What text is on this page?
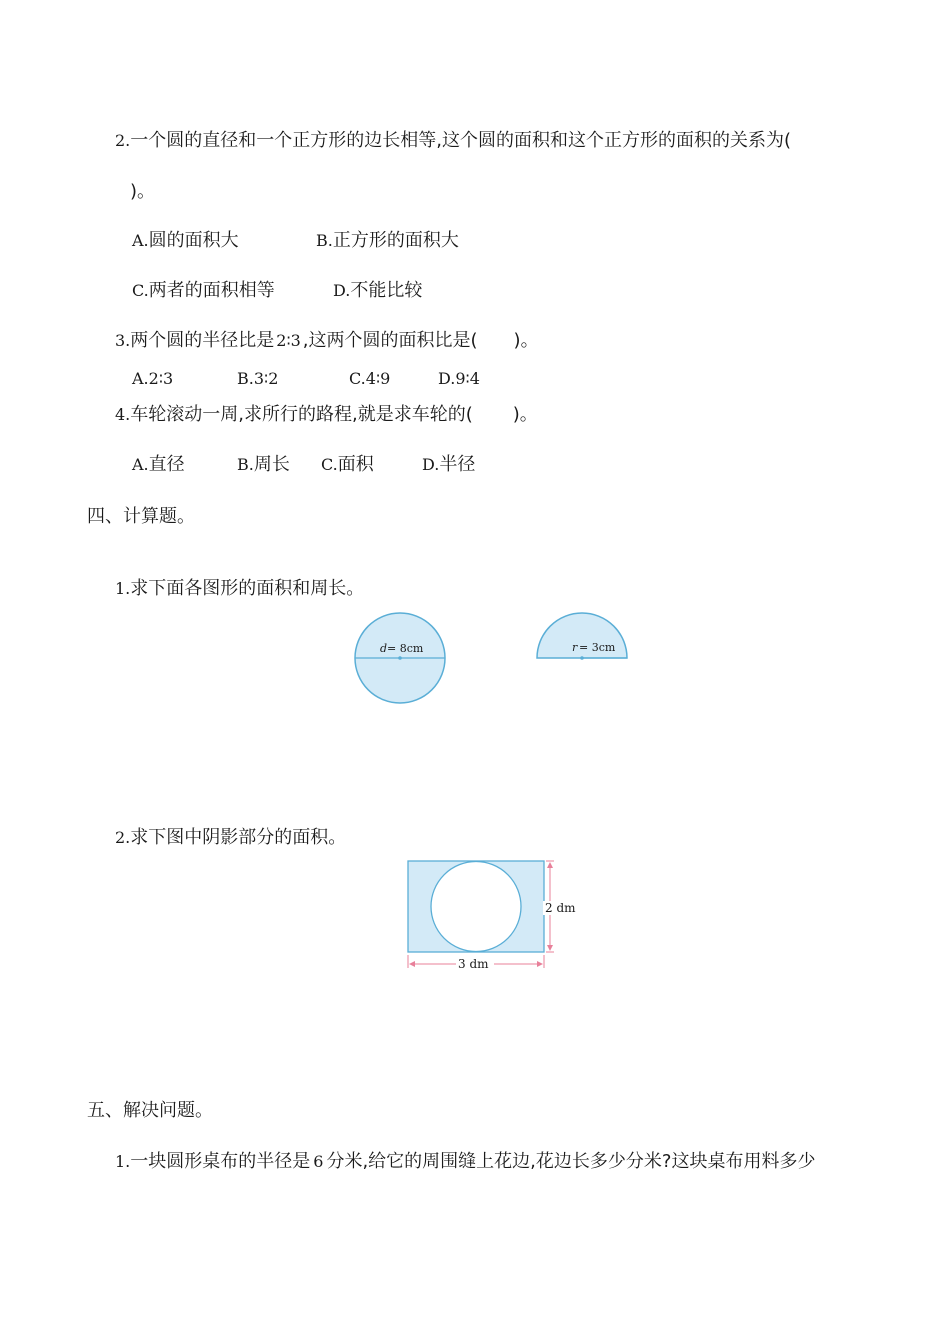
2.一个圆的直径和一个正方形的边长相等,这个圆的面积和这个正方形的面积的关系为(
)。
A.圆的面积大	B.正方形的面积大
C.两者的面积相等	D.不能比较
3.两个圆的半径比是 2∶3 ,这两个圆的面积比是( )。
A.2∶3	B.3∶2	C.4∶9	D.9∶4
4.车轮滚动一周,求所行的路程,就是求车轮的( )。
A.直径	B.周长 C.面积	D.半径
四、计算题。
1.求下面各图形的面积和周长。
d = 8cm	r = 3cm
2.求下图中阴影部分的面积。
2 dm
3 dm
五、解决问题。
1.一块圆形桌布的半径是 6 分米,给它的周围缝上花边,花边长多少分米?这块桌布用料多少
